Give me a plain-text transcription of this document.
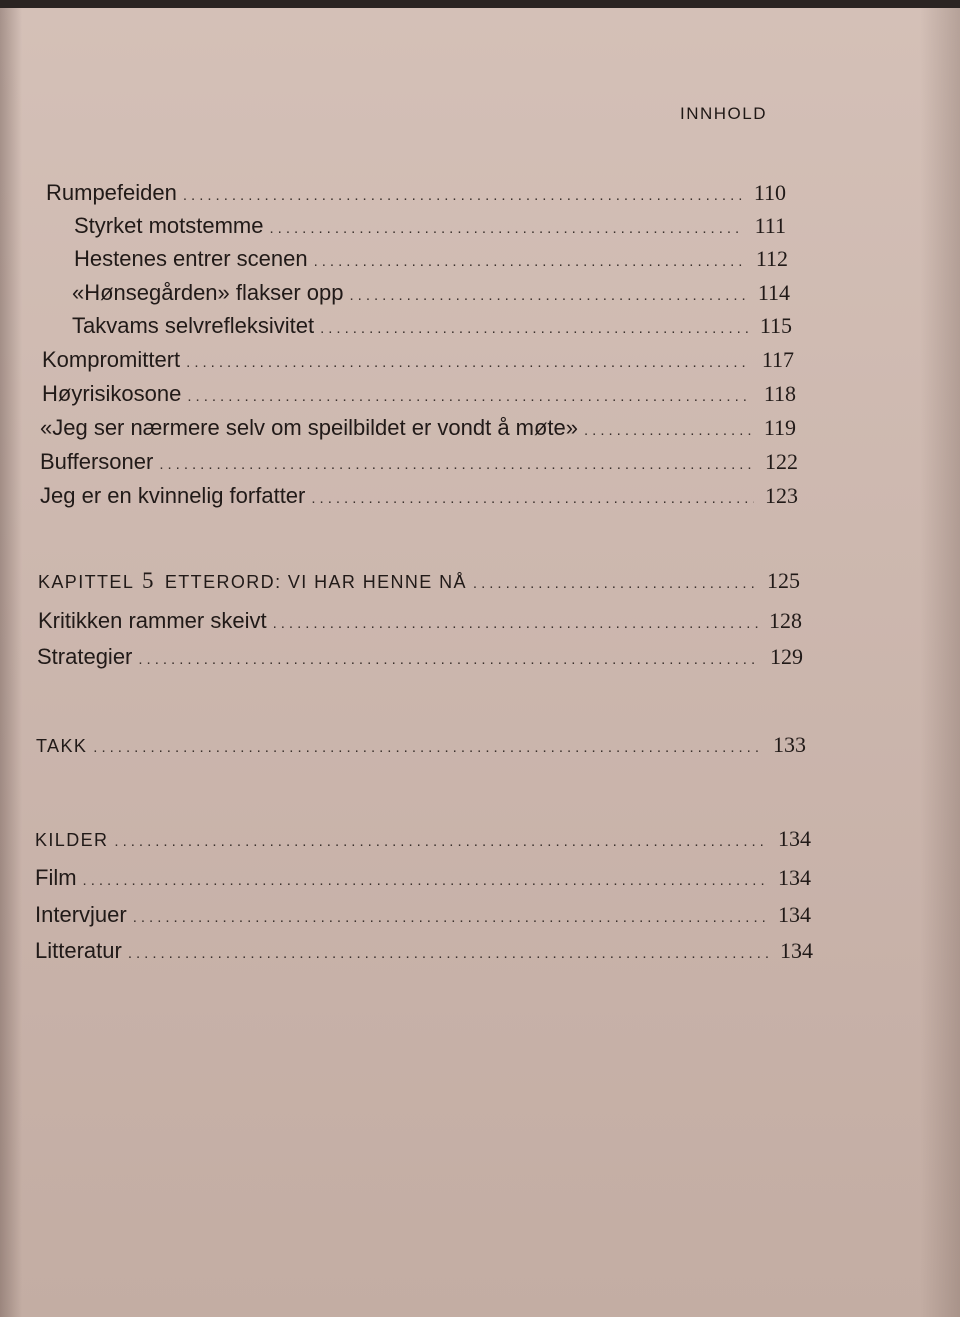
INNHOLD
Rumpefeiden .....	110
Styrket motstemme .....	111
Hestenes entrer scenen .....	112
«Hønsegården» flakser opp .....	114
Takvams selvrefleksivitet .....	115
Kompromittert .....	117
Høyrisikosone .....	118
«Jeg ser nærmere selv om speilbildet er vondt å møte» .....	119
Buffersoner .....	122
Jeg er en kvinnelig forfatter .....	123
KAPITTEL 5 ETTERORD: VI HAR HENNE NÅ .....	125
Kritikken rammer skeivt .....	128
Strategier .....	129
TAKK .....	133
KILDER .....	134
Film .....	134
Intervjuer .....	134
Litteratur .....	134
